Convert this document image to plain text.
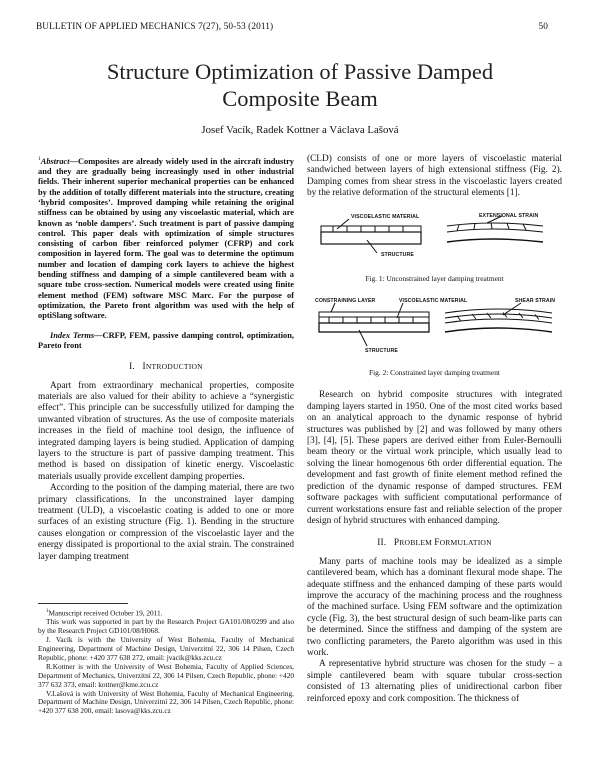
BULLETIN OF APPLIED MECHANICS 7(27), 50-53 (2011)	50
Structure Optimization of Passive Damped
Composite Beam
Josef Vacík, Radek Kottner a Václava Lašová
$^1$Abstract—Composites are already widely used in the aircraft industry and they are gradually being increasingly used in other industrial fields. Their inherent superior mechanical properties can be enhanced by the addition of totally different materials into the structure, creating ‘hybrid composites’. Improved damping while retaining the original stiffness can be obtained by using any viscoelastic material, which are known as ‘noble dampers’. Such treatment is part of passive damping control. This paper deals with optimization of simple structures consisting of carbon fiber reinforced polymer (CFRP) and cork composition in layered form. The goal was to determine the optimum number and location of damping cork layers to achieve the highest bending stiffness and damping of a simple cantilevered beam with a square tube cross-section. Numerical models were created using finite element method (FEM) software MSC Marc. For the purpose of optimization, the Pareto front algorithm was used with the help of optiSlang software.
Index Terms—CRFP, FEM, passive damping control, optimization, Pareto front
I. INTRODUCTION

Apart from extraordinary mechanical properties, composite materials are also valued for their ability to achieve a “synergistic effect”. This principle can be successfully utilized for damping the unwanted vibration of structures. As the use of composite materials increases in the field of machine tool design, the influence of integrated damping layers is being studied. Application of damping layers to the structure is part of passive damping treatment. This method is based on dissipation of kinetic energy. Viscoelastic materials usually provide excellent damping properties.

According to the position of the damping material, there are two primary classifications. In the unconstrained layer damping treatment (ULD), a viscoelastic coating is added to one or more surfaces of an existing structure (Fig. 1). Bending in the structure causes elongation or compression of the viscoelastic layer and the energy dissipated is proportional to the axial strain. The constrained layer damping treatment

$^1$Manuscript received October 19, 2011.

This work was supported in part by the Research Project GA101/08/0299 and also by the Research Project GD101/08/H068.

J. Vacík is with the University of West Bohemia, Faculty of Mechanical Engineering, Department of Machine Design, Univerzitní 22, 306 14 Pilsen, Czech Republic, phone: +420 377 638 272, email: jvacik@kks.zcu.cz

R.Kottner is with the University of West Bohemia, Faculty of Applied Sciences, Department of Mechanics, Univerzitní 22, 306 14 Pilsen, Czech Republic, phone: +420 377 632 373, email: kottner@kme.zcu.cz

V.Lašová is with University of West Bohemia, Faculty of Mechanical Engineering, Department of Machine Design, Univerzitní 22, 306 14 Pilsen, Czech Republic, phone: +420 377 638 200, email: lasova@kks.zcu.cz

(CLD) consists of one or more layers of viscoelastic material sandwiched between layers of high extensional stiffness (Fig. 2). Damping comes from shear stress in the viscoelastic layers created by the relative deformation of the structural elements [1].

VISCOELASTIC MATERIAL	EXTENSIONAL STRAIN
STRUCTURE
Fig. 1: Unconstrained layer damping treatment
CONSTRAINING LAYER	VISCOELASTIC MATERIAL	SHEAR STRAIN
STRUCTURE
Fig. 2: Constrained layer damping treatment

Research on hybrid composite structures with integrated damping layers started in 1950. One of the most cited works based on an analytical approach to the dynamic response of hybrid structures was published by [2] and was followed by many others [3], [4], [5]. These papers are derived either from Euler-Bernoulli beam theory or the virtual work principle, which usually lead to solving the linear homogenous 6th order differential equation. The development and fast growth of finite element method refined the prediction of the dynamic response of damped structures. FEM software packages with sufficient computational performance of current workstations ensure fast and reliable selection of the proper design of hybrid structures with enhanced damping.

II. PROBLEM FORMULATION

Many parts of machine tools may be idealized as a simple cantilevered beam, which has a dominant flexural mode shape. The adequate stiffness and the enhanced damping of these parts would improve the accuracy of the machining process and the roughness of the machined surface. Using FEM software and the optimization cycle (Fig. 3), the best structural design of such beam-like parts can be determined. Since the stiffness and damping of the system are two conflicting parameters, the Pareto algorithm was used in this work.

A representative hybrid structure was chosen for the study – a simple cantilevered beam with square tubular cross-section consisted of 13 alternating plies of unidirectional carbon fiber reinforced epoxy and cork composition. The thickness of
